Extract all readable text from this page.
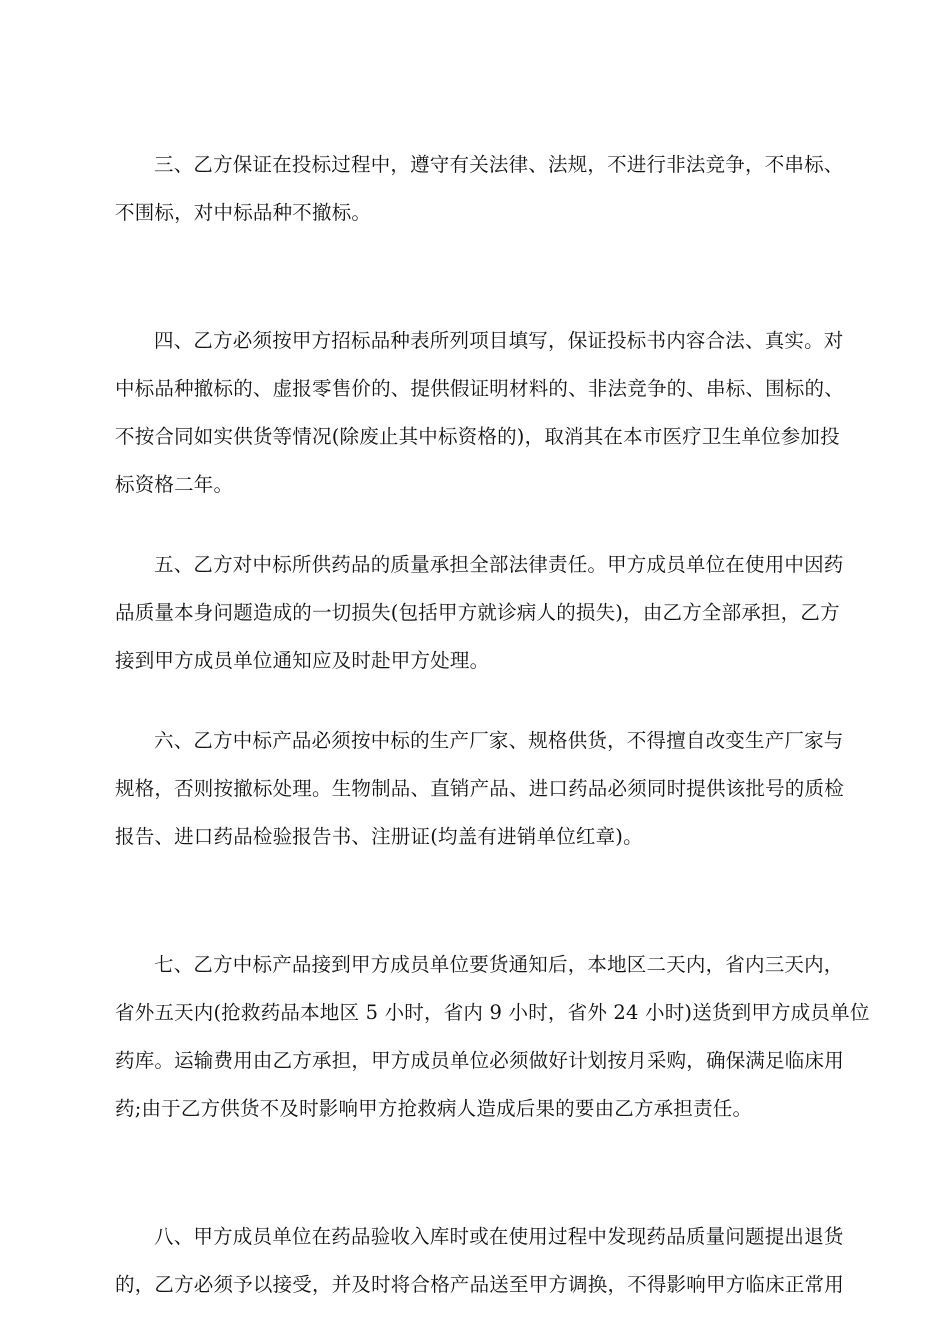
三、乙方保证在投标过程中，遵守有关法律、法规，不进行非法竞争，不串标、
不围标，对中标品种不撤标。
四、乙方必须按甲方招标品种表所列项目填写，保证投标书内容合法、真实。对
中标品种撤标的、虚报零售价的、提供假证明材料的、非法竞争的、串标、围标的、
不按合同如实供货等情况(除废止其中标资格的)，取消其在本市医疗卫生单位参加投
标资格二年。
五、乙方对中标所供药品的质量承担全部法律责任。甲方成员单位在使用中因药
品质量本身问题造成的一切损失(包括甲方就诊病人的损失)，由乙方全部承担，乙方
接到甲方成员单位通知应及时赴甲方处理。
六、乙方中标产品必须按中标的生产厂家、规格供货，不得擅自改变生产厂家与
规格，否则按撤标处理。生物制品、直销产品、进口药品必须同时提供该批号的质检
报告、进口药品检验报告书、注册证(均盖有进销单位红章)。
七、乙方中标产品接到甲方成员单位要货通知后，本地区二天内，省内三天内，
省外五天内(抢救药品本地区 5 小时，省内 9 小时，省外 24 小时)送货到甲方成员单位
药库。运输费用由乙方承担，甲方成员单位必须做好计划按月采购，确保满足临床用
药;由于乙方供货不及时影响甲方抢救病人造成后果的要由乙方承担责任。
八、甲方成员单位在药品验收入库时或在使用过程中发现药品质量问题提出退货
的，乙方必须予以接受，并及时将合格产品送至甲方调换，不得影响甲方临床正常用
